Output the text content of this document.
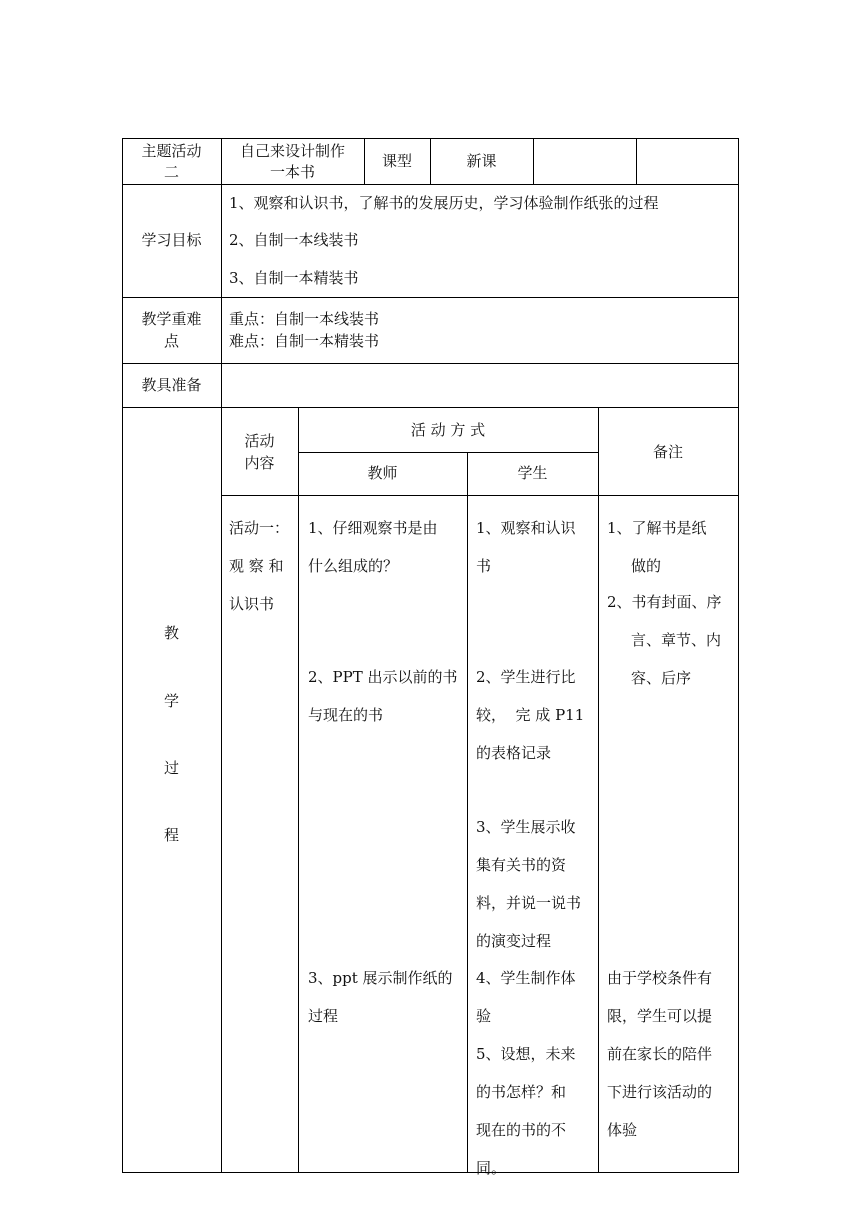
主题活动
二
自己来设计制作
一本书
课型	新课
学习目标
1、观察和认识书，了解书的发展历史，学习体验制作纸张的过程
2、自制一本线装书
3、自制一本精装书
教学重难
点
重点：自制一本线装书
难点：自制一本精装书
教具准备
教
学
过
程
活动
内容
活 动 方 式
教师	学生
备注
活动一：
观 察 和
认识书
1、仔细观察书是由
什么组成的？
2、PPT 出示以前的书
与现在的书
3、ppt 展示制作纸的
过程
1、观察和认识
书
2、学生进行比
较，  完 成 P11
的表格记录
3、学生展示收
集有关书的资
料，并说一说书
的演变过程
4、学生制作体
验
5、设想，未来
的书怎样？和
现在的书的不
同。
1、了解书是纸
做的
2、书有封面、序
言、章节、内
容、后序
由于学校条件有
限，学生可以提
前在家长的陪伴
下进行该活动的
体验
